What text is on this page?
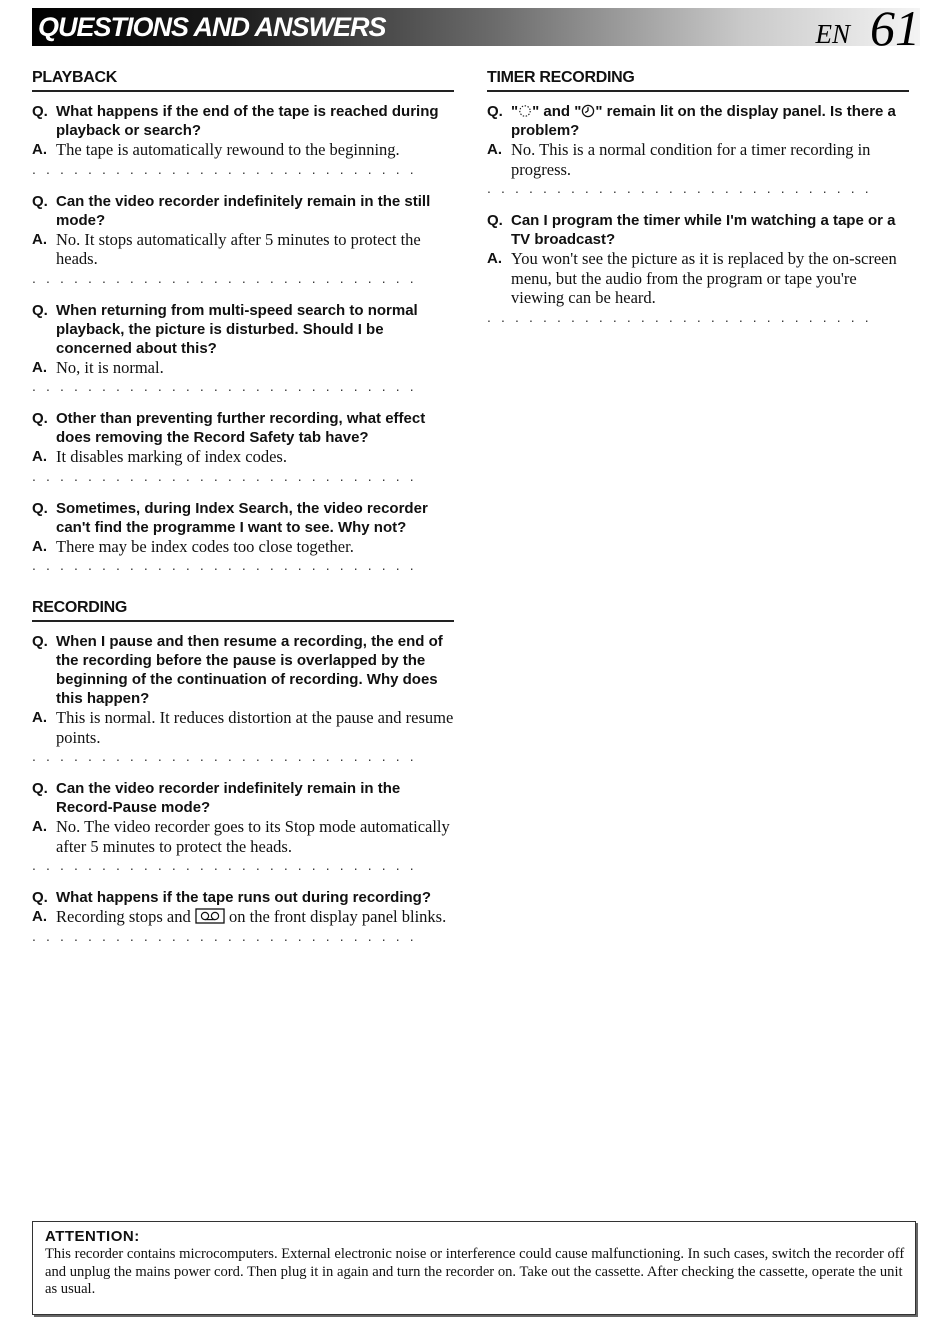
QUESTIONS AND ANSWERS	EN 61
PLAYBACK
Q. What happens if the end of the tape is reached during playback or search?
A. The tape is automatically rewound to the beginning.
............................
Q. Can the video recorder indefinitely remain in the still mode?
A. No. It stops automatically after 5 minutes to protect the heads.
............................
Q. When returning from multi-speed search to normal playback, the picture is disturbed. Should I be concerned about this?
A. No, it is normal.
............................
Q. Other than preventing further recording, what effect does removing the Record Safety tab have?
A. It disables marking of index codes.
............................
Q. Sometimes, during Index Search, the video recorder can't find the programme I want to see. Why not?
A. There may be index codes too close together.
............................
RECORDING
Q. When I pause and then resume a recording, the end of the recording before the pause is overlapped by the beginning of the continuation of recording. Why does this happen?
A. This is normal. It reduces distortion at the pause and resume points.
............................
Q. Can the video recorder indefinitely remain in the Record-Pause mode?
A. No. The video recorder goes to its Stop mode automatically after 5 minutes to protect the heads.
............................
Q. What happens if the tape runs out during recording?
A. Recording stops and on the front display panel blinks.
............................
TIMER RECORDING
Q. " " and " " remain lit on the display panel. Is there a problem?
A. No. This is a normal condition for a timer recording in progress.
............................
Q. Can I program the timer while I'm watching a tape or a TV broadcast?
A. You won't see the picture as it is replaced by the on-screen menu, but the audio from the program or tape you're viewing can be heard.
............................
ATTENTION:
This recorder contains microcomputers. External electronic noise or interference could cause malfunctioning. In such cases, switch the recorder off and unplug the mains power cord. Then plug it in again and turn the recorder on. Take out the cassette. After checking the cassette, operate the unit as usual.
